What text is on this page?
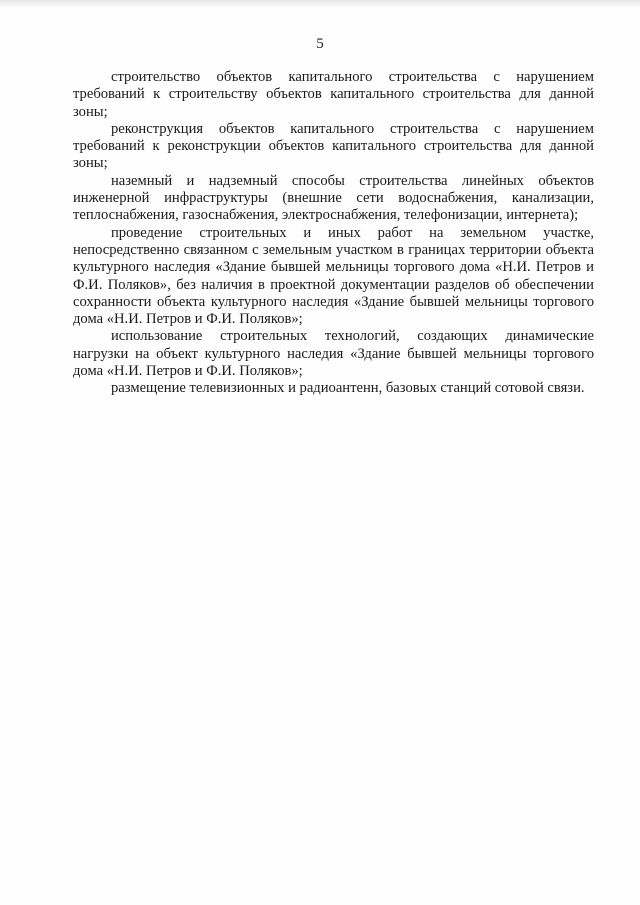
5

строительство объектов капитального строительства с нарушением требований к строительству объектов капитального строительства для данной зоны;

реконструкция объектов капитального строительства с нарушением требований к реконструкции объектов капитального строительства для данной зоны;

наземный и надземный способы строительства линейных объектов инженерной инфраструктуры (внешние сети водоснабжения, канализации, теплоснабжения, газоснабжения, электроснабжения, телефонизации, интернета);

проведение строительных и иных работ на земельном участке, непосредственно связанном с земельным участком в границах территории объекта культурного наследия «Здание бывшей мельницы торгового дома «Н.И. Петров и Ф.И. Поляков», без наличия в проектной документации разделов об обеспечении сохранности объекта культурного наследия «Здание бывшей мельницы торгового дома «Н.И. Петров и Ф.И. Поляков»;

использование строительных технологий, создающих динамические нагрузки на объект культурного наследия «Здание бывшей мельницы торгового дома «Н.И. Петров и Ф.И. Поляков»;

размещение телевизионных и радиоантенн, базовых станций сотовой связи.
